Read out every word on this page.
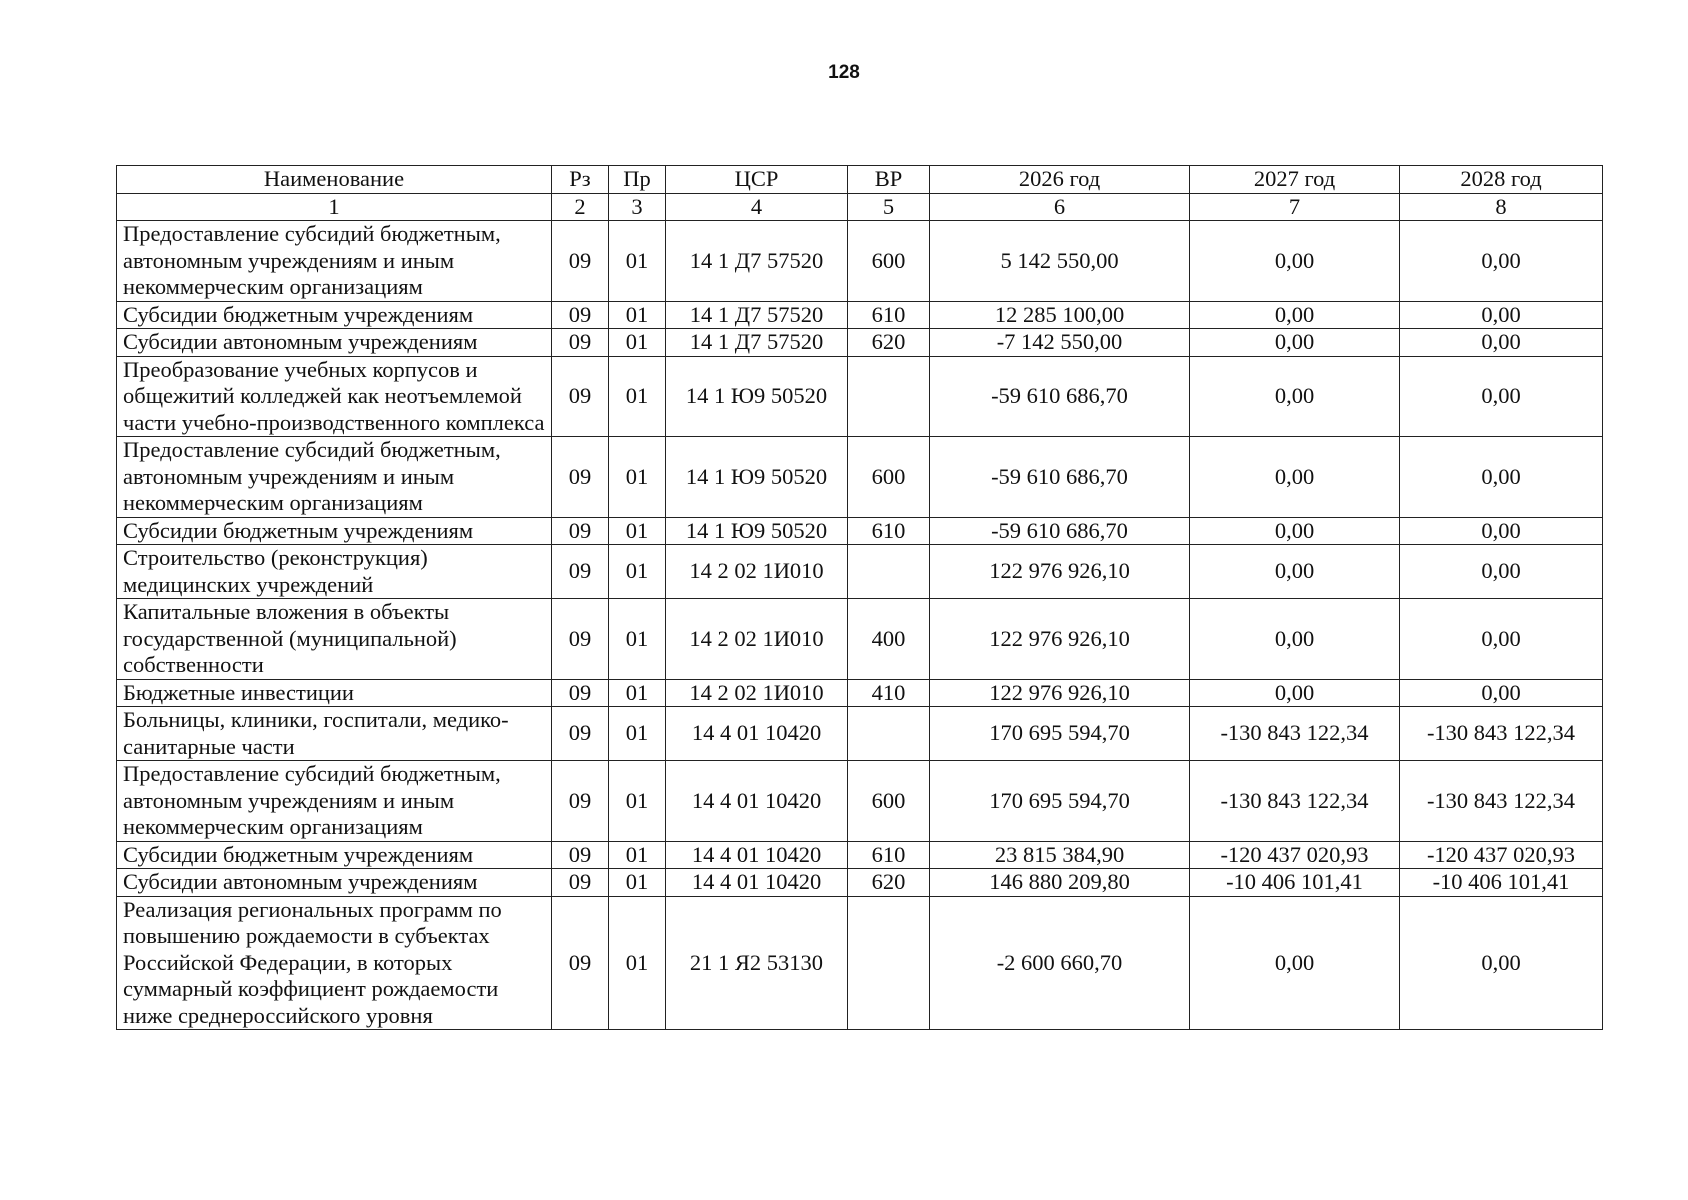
128
Наименование	Рз	Пр	ЦСР	ВР	2026 год	2027 год	2028 год
1	2	3	4	5	6	7	8
Предоставление субсидий бюджетным, автономным учреждениям и иным некоммерческим организациям	09	01	14 1 Д7 57520	600	5 142 550,00	0,00	0,00
Субсидии бюджетным учреждениям	09	01	14 1 Д7 57520	610	12 285 100,00	0,00	0,00
Субсидии автономным учреждениям	09	01	14 1 Д7 57520	620	-7 142 550,00	0,00	0,00
Преобразование учебных корпусов и общежитий колледжей как неотъемлемой части учебно-производственного комплекса	09	01	14 1 Ю9 50520		-59 610 686,70	0,00	0,00
Предоставление субсидий бюджетным, автономным учреждениям и иным некоммерческим организациям	09	01	14 1 Ю9 50520	600	-59 610 686,70	0,00	0,00
Субсидии бюджетным учреждениям	09	01	14 1 Ю9 50520	610	-59 610 686,70	0,00	0,00
Строительство (реконструкция) медицинских учреждений	09	01	14 2 02 1И010		122 976 926,10	0,00	0,00
Капитальные вложения в объекты государственной (муниципальной) собственности	09	01	14 2 02 1И010	400	122 976 926,10	0,00	0,00
Бюджетные инвестиции	09	01	14 2 02 1И010	410	122 976 926,10	0,00	0,00
Больницы, клиники, госпитали, медико-санитарные части	09	01	14 4 01 10420		170 695 594,70	-130 843 122,34	-130 843 122,34
Предоставление субсидий бюджетным, автономным учреждениям и иным некоммерческим организациям	09	01	14 4 01 10420	600	170 695 594,70	-130 843 122,34	-130 843 122,34
Субсидии бюджетным учреждениям	09	01	14 4 01 10420	610	23 815 384,90	-120 437 020,93	-120 437 020,93
Субсидии автономным учреждениям	09	01	14 4 01 10420	620	146 880 209,80	-10 406 101,41	-10 406 101,41
Реализация региональных программ по повышению рождаемости в субъектах Российской Федерации, в которых суммарный коэффициент рождаемости ниже среднероссийского уровня	09	01	21 1 Я2 53130		-2 600 660,70	0,00	0,00
